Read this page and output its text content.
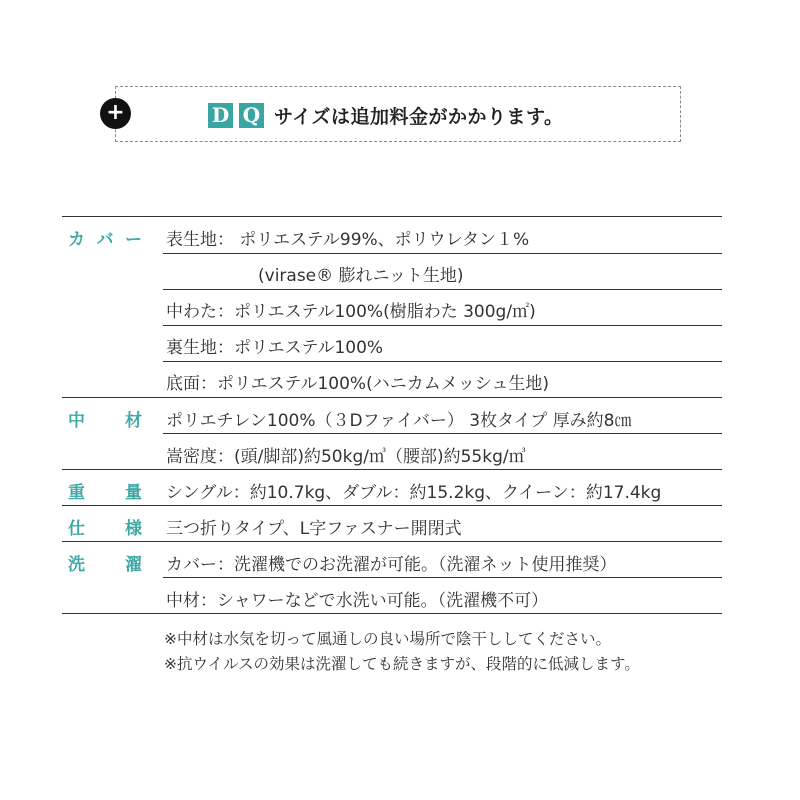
+	D Q サイズは追加料金がかかります。
カ バ ー 表生地： ポリエステル99%、ポリウレタン１%
(virase® 膨れニット生地)
中わた：ポリエステル100%(樹脂わた 300g/㎡)
裏生地：ポリエステル100%
底面：ポリエステル100%(ハニカムメッシュ生地)
中 材 ポリエチレン100%（３Dファイバー） 3枚タイプ 厚み約8㎝
嵩密度：(頭/脚部)約50kg/㎥（腰部)約55kg/㎥
重 量 シングル：約10.7kg、ダブル：約15.2kg、クイーン：約17.4kg
仕 様 三つ折りタイプ、L字ファスナー開閉式
洗 濯 カバー：洗濯機でのお洗濯が可能。（洗濯ネット使用推奨）
中材：シャワーなどで水洗い可能。（洗濯機不可）
※中材は水気を切って風通しの良い場所で陰干ししてください。
※抗ウイルスの効果は洗濯しても続きますが、段階的に低減します。
